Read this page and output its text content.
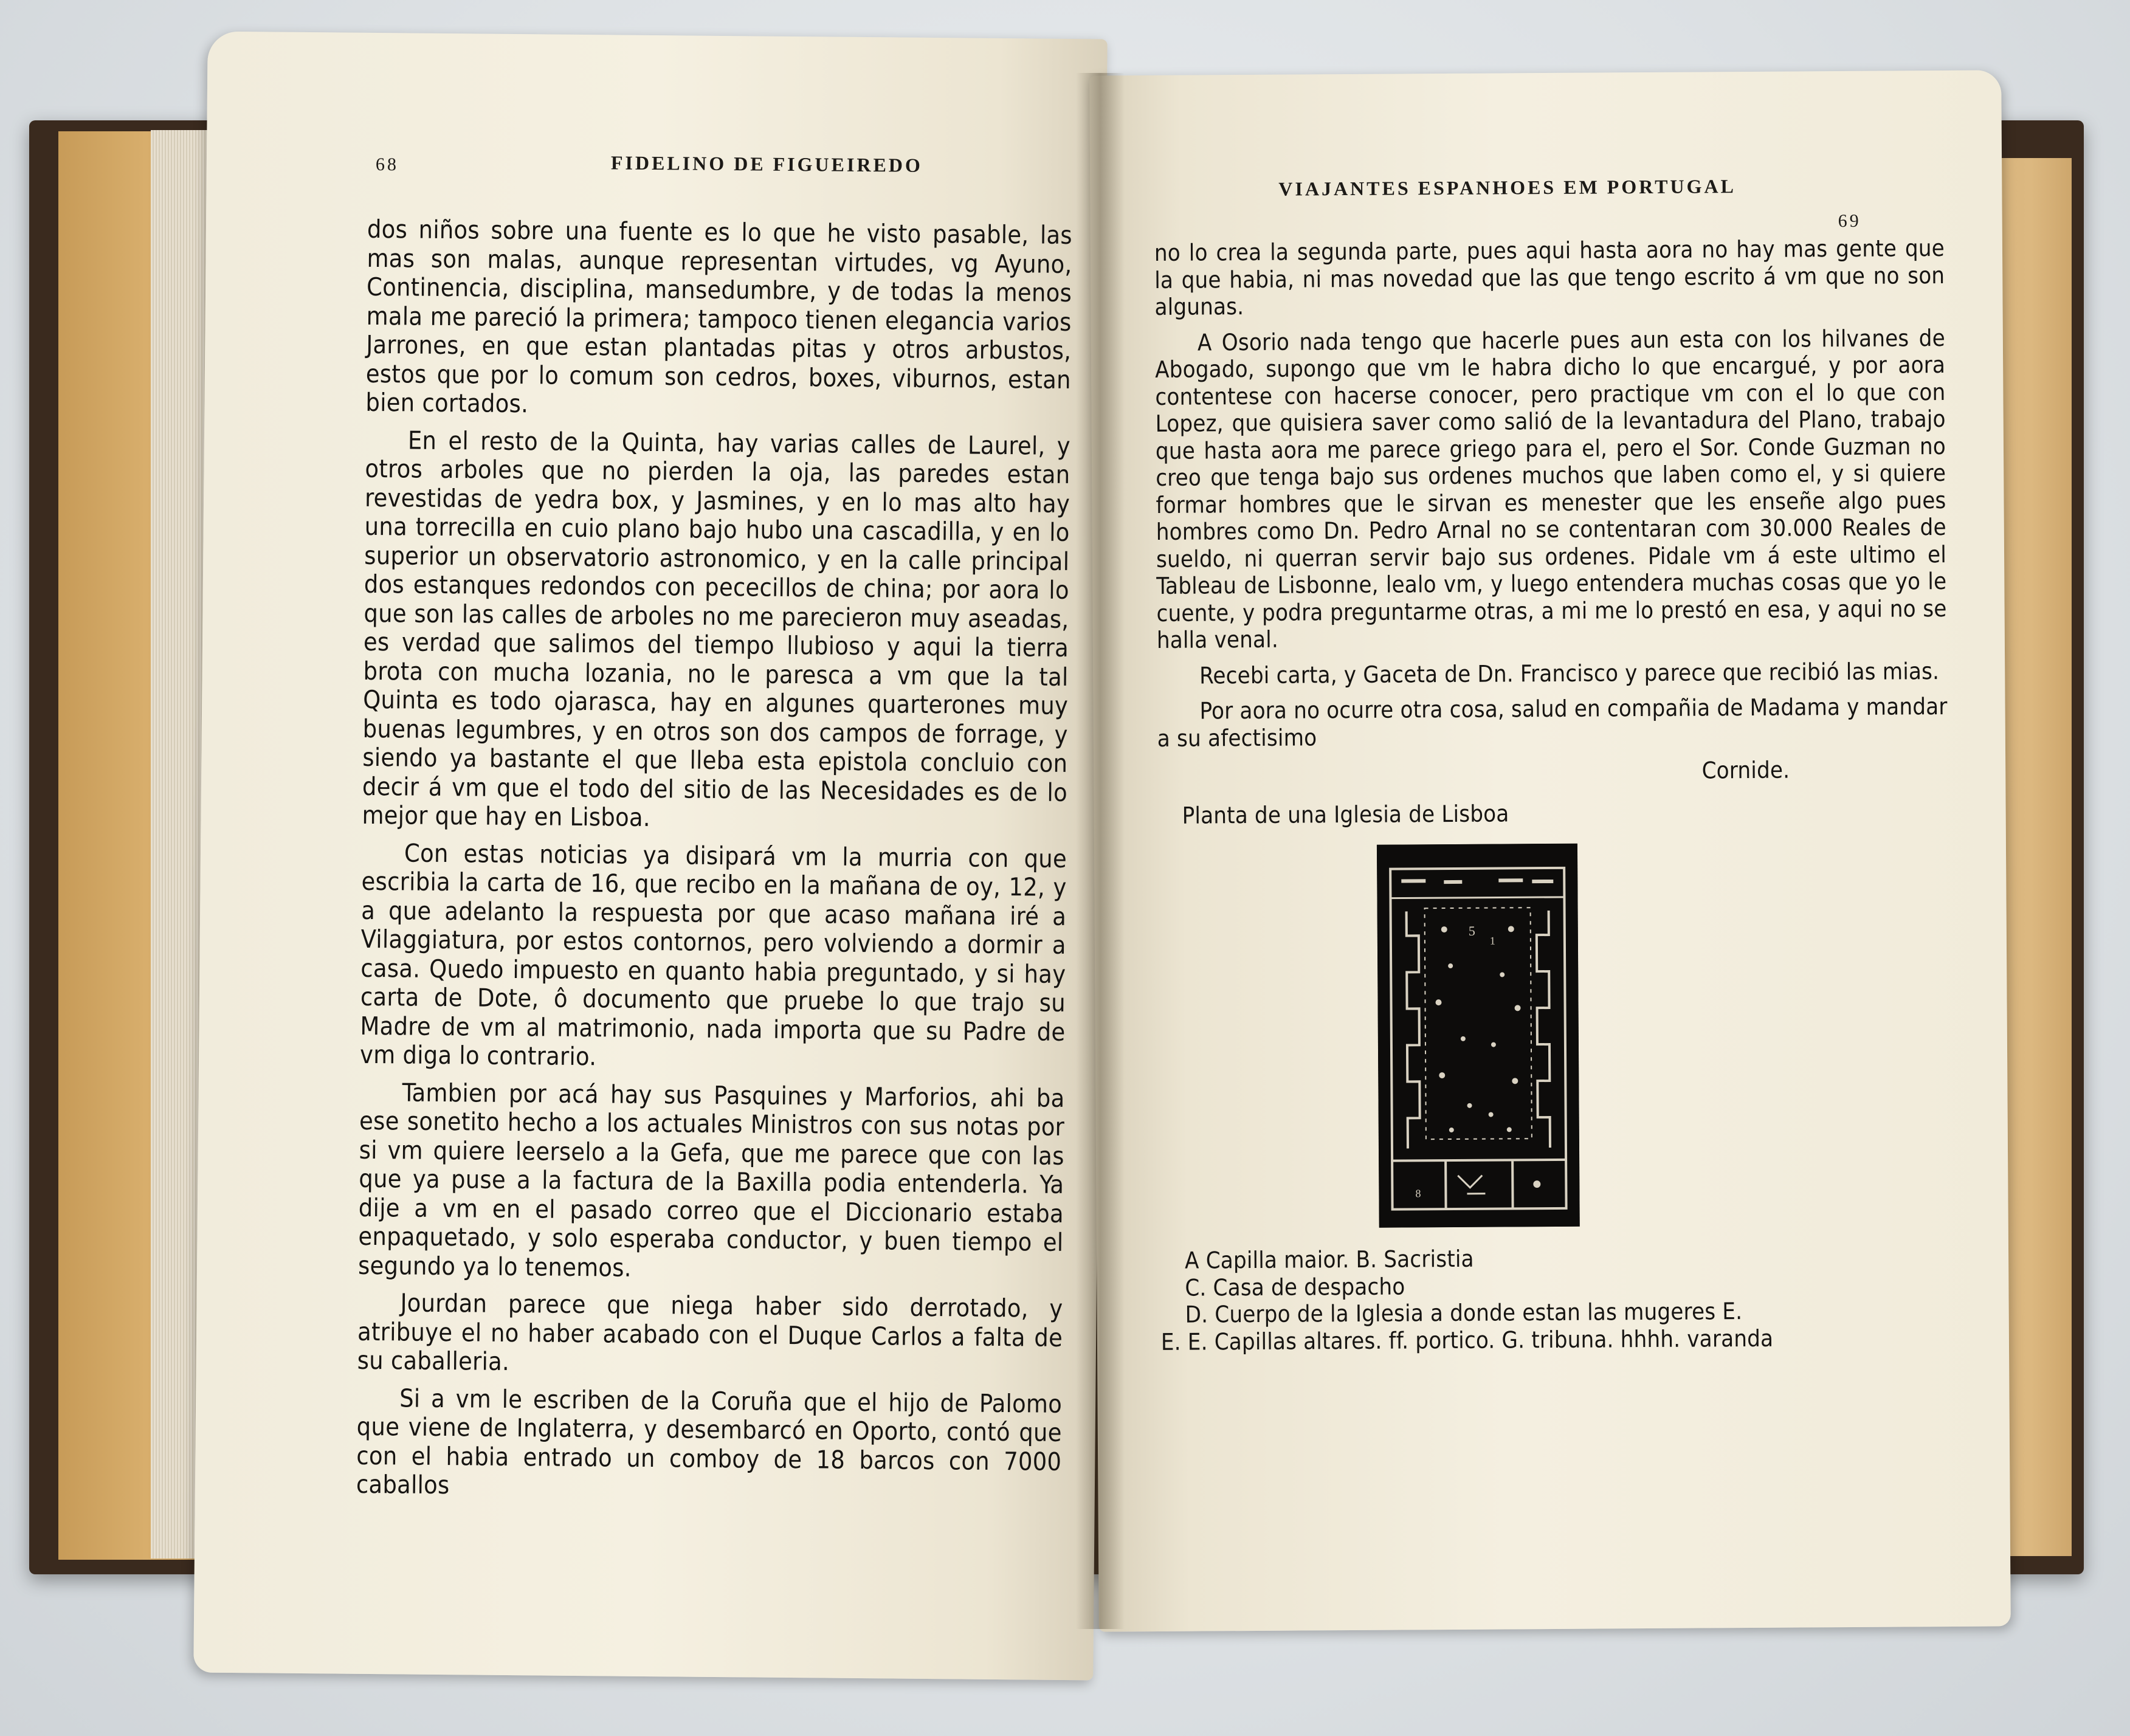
68	FIDELINO DE FIGUEIREDO

dos niños sobre una fuente es lo que he visto pasable, las mas son malas, aunque representan virtudes, vg Ayuno, Continencia, disciplina, mansedumbre, y de todas la menos mala me pareció la primera; tampoco tienen elegancia varios Jarrones, en que estan plantadas pitas y otros arbustos, estos que por lo comum son cedros, boxes, viburnos, estan bien cortados.

En el resto de la Quinta, hay varias calles de Laurel, y otros arboles que no pierden la oja, las paredes estan revestidas de yedra box, y Jasmines, y en lo mas alto hay una torrecilla en cuio plano bajo hubo una cascadilla, y en lo superior un observatorio astronomico, y en la calle principal dos estanques redondos con pececillos de china; por aora lo que son las calles de arboles no me parecieron muy aseadas, es verdad que salimos del tiempo llubioso y aqui la tierra brota con mucha lozania, no le paresca a vm que la tal Quinta es todo ojarasca, hay en algunes quarterones muy buenas legumbres, y en otros son dos campos de forrage, y siendo ya bastante el que lleba esta epistola concluio con decir á vm que el todo del sitio de las Necesidades es de lo mejor que hay en Lisboa.

Con estas noticias ya disipará vm la murria con que escribia la carta de 16, que recibo en la mañana de oy, 12, y a que adelanto la respuesta por que acaso mañana iré a Vilaggiatura, por estos contornos, pero volviendo a dormir a casa. Quedo impuesto en quanto habia preguntado, y si hay carta de Dote, ô documento que pruebe lo que trajo su Madre de vm al matrimonio, nada importa que su Padre de vm diga lo contrario.

Tambien por acá hay sus Pasquines y Marforios, ahi ba ese sonetito hecho a los actuales Ministros con sus notas por si vm quiere leerselo a la Gefa, que me parece que con las que ya puse a la factura de la Baxilla podia entenderla. Ya dije a vm en el pasado correo que el Diccionario estaba enpaquetado, y solo esperaba conductor, y buen tiempo el segundo ya lo tenemos.

Jourdan parece que niega haber sido derrotado, y atribuye el no haber acabado con el Duque Carlos a falta de su caballeria.

Si a vm le escriben de la Coruña que el hijo de Palomo que viene de Inglaterra, y desembarcó en Oporto, contó que con el habia entrado un comboy de 18 barcos con 7000 caballos

VIAJANTES ESPANHOES EM PORTUGAL
69

no lo crea la segunda parte, pues aqui hasta aora no hay mas gente que la que habia, ni mas novedad que las que tengo escrito á vm que no son algunas.

A Osorio nada tengo que hacerle pues aun esta con los hilvanes de Abogado, supongo que vm le habra dicho lo que encargué, y por aora contentese con hacerse conocer, pero practique vm con el lo que con Lopez, que quisiera saver como salió de la levantadura del Plano, trabajo que hasta aora me parece griego para el, pero el Sor. Conde Guzman no creo que tenga bajo sus ordenes muchos que laben como el, y si quiere formar hombres que le sirvan es menester que les enseñe algo pues hombres como Dn. Pedro Arnal no se contentaran com 30.000 Reales de sueldo, ni querran servir bajo sus ordenes. Pidale vm á este ultimo el Tableau de Lisbonne, lealo vm, y luego entendera muchas cosas que yo le cuente, y podra preguntarme otras, a mi me lo prestó en esa, y aqui no se halla venal.

Recebi carta, y Gaceta de Dn. Francisco y parece que recibió las mias.

Por aora no ocurre otra cosa, salud en compañia de Madama y mandar a su afectisimo

Cornide.

Planta de una Iglesia de Lisboa

5
1
8
A Capilla maior. B. Sacristia
C. Casa de despacho
D. Cuerpo de la Iglesia a donde estan las mugeres E.
E. E. Capillas altares. ff. portico. G. tribuna. hhhh. varanda
